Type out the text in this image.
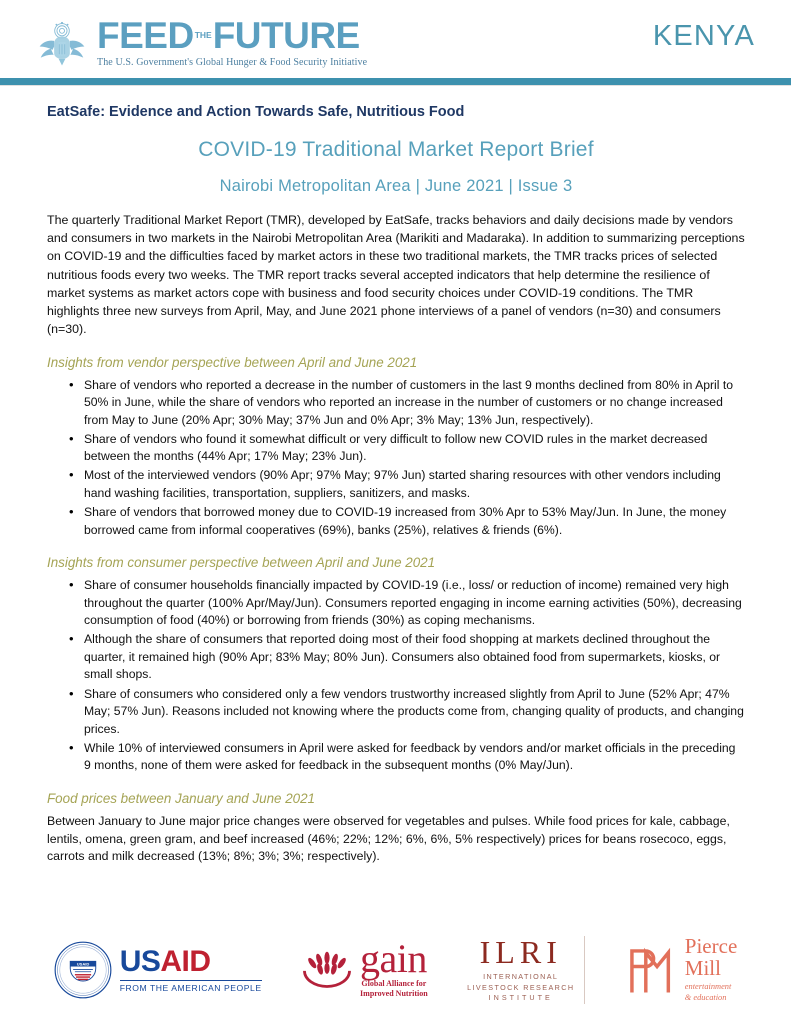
FEED THE FUTURE
The U.S. Government's Global Hunger & Food Security Initiative
KENYA
EatSafe: Evidence and Action Towards Safe, Nutritious Food
COVID-19 Traditional Market Report Brief
Nairobi Metropolitan Area | June 2021 | Issue 3

The quarterly Traditional Market Report (TMR), developed by EatSafe, tracks behaviors and daily decisions made by vendors and consumers in two markets in the Nairobi Metropolitan Area (Marikiti and Madaraka). In addition to summarizing perceptions on COVID-19 and the difficulties faced by market actors in these two traditional markets, the TMR tracks prices of selected nutritious foods every two weeks. The TMR report tracks several accepted indicators that help determine the resilience of market systems as market actors cope with business and food security choices under COVID-19 conditions. The TMR highlights three new surveys from April, May, and June 2021 phone interviews of a panel of vendors (n=30) and consumers (n=30).

Insights from vendor perspective between April and June 2021
• Share of vendors who reported a decrease in the number of customers in the last 9 months declined from 80% in April to 50% in June, while the share of vendors who reported an increase in the number of customers or no change increased from May to June (20% Apr; 30% May; 37% Jun and 0% Apr; 3% May; 13% Jun, respectively).
• Share of vendors who found it somewhat difficult or very difficult to follow new COVID rules in the market decreased between the months (44% Apr; 17% May; 23% Jun).
• Most of the interviewed vendors (90% Apr; 97% May; 97% Jun) started sharing resources with other vendors including hand washing facilities, transportation, suppliers, sanitizers, and masks.
• Share of vendors that borrowed money due to COVID-19 increased from 30% Apr to 53% May/Jun. In June, the money borrowed came from informal cooperatives (69%), banks (25%), relatives & friends (6%).
Insights from consumer perspective between April and June 2021
• Share of consumer households financially impacted by COVID-19 (i.e., loss/ or reduction of income) remained very high throughout the quarter (100% Apr/May/Jun). Consumers reported engaging in income earning activities (50%), decreasing consumption of food (40%) or borrowing from friends (30%) as coping mechanisms.
• Although the share of consumers that reported doing most of their food shopping at markets declined throughout the quarter, it remained high (90% Apr; 83% May; 80% Jun). Consumers also obtained food from supermarkets, kiosks, or small shops.
• Share of consumers who considered only a few vendors trustworthy increased slightly from April to June (52% Apr; 47% May; 57% Jun). Reasons included not knowing where the products come from, changing quality of products, and changing prices.
• While 10% of interviewed consumers in April were asked for feedback by vendors and/or market officials in the preceding 9 months, none of them were asked for feedback in the subsequent months (0% May/Jun).
Food prices between January and June 2021

Between January to June major price changes were observed for vegetables and pulses. While food prices for kale, cabbage, lentils, omena, green gram, and beef increased (46%; 22%; 12%; 6%, 6%, 5% respectively) prices for beans rosecoco, eggs, carrots and milk decreased (13%; 8%; 3%; 3%; respectively).

USAID USAID
FROM THE AMERICAN PEOPLE
gain
Global Alliance for
Improved Nutrition
ILRI
INTERNATIONAL
LIVESTOCK RESEARCH
INSTITUTE
Pierce
Mill
entertainment
& education
